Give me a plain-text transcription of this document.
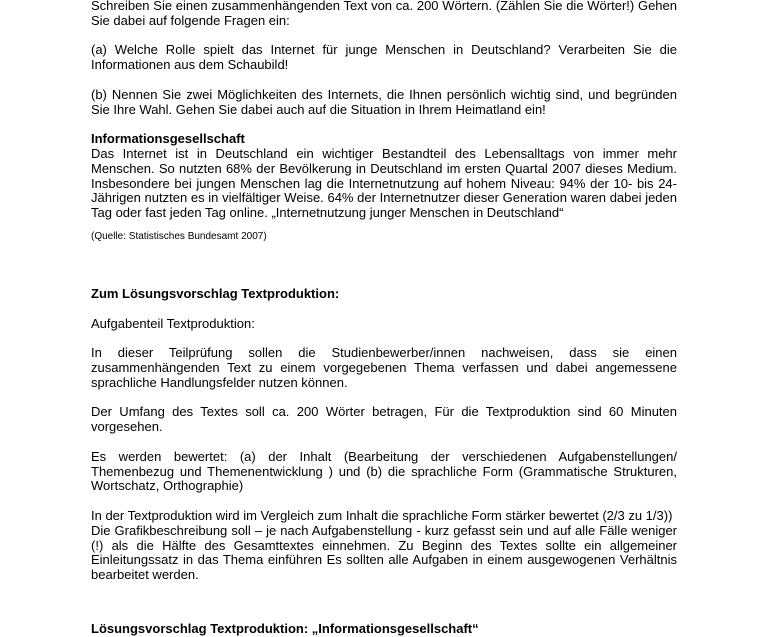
Schreiben Sie einen zusammenhängenden Text von ca. 200 Wörtern. (Zählen Sie die Wörter!) Gehen Sie dabei auf folgende Fragen ein:

(a) Welche Rolle spielt das Internet für junge Menschen in Deutschland? Verarbeiten Sie die Informationen aus dem Schaubild!

(b) Nennen Sie zwei Möglichkeiten des Internets, die Ihnen persönlich wichtig sind, und begründen Sie Ihre Wahl. Gehen Sie dabei auch auf die Situation in Ihrem Heimatland ein!

Informationsgesellschaft

Das Internet ist in Deutschland ein wichtiger Bestandteil des Lebensalltags von immer mehr Menschen. So nutzten 68% der Bevölkerung in Deutschland im ersten Quartal 2007 dieses Medium. Insbesondere bei jungen Menschen lag die Internetnutzung auf hohem Niveau: 94% der 10- bis 24-Jährigen nutzten es in vielfältiger Weise. 64% der Internetnutzer dieser Generation waren dabei jeden Tag oder fast jeden Tag online. „Internetnutzung junger Menschen in Deutschland“

(Quelle: Statistisches Bundesamt 2007)

Zum Lösungsvorschlag Textproduktion:

Aufgabenteil Textproduktion:

In dieser Teilprüfung sollen die Studienbewerber/innen nachweisen, dass sie einen zusammenhängenden Text zu einem vorgegebenen Thema verfassen und dabei angemessene sprachliche Handlungsfelder nutzen können.

Der Umfang des Textes soll ca. 200 Wörter betragen, Für die Textproduktion sind 60 Minuten vorgesehen.

Es werden bewertet: (a) der Inhalt (Bearbeitung der verschiedenen Aufgabenstellungen/ Themenbezug und Themenentwicklung ) und (b) die sprachliche Form (Grammatische Strukturen, Wortschatz, Orthographie)

In der Textproduktion wird im Vergleich zum Inhalt die sprachliche Form stärker bewertet (2/3 zu 1/3))

Die Grafikbeschreibung soll – je nach Aufgabenstellung - kurz gefasst sein und auf alle Fälle weniger (!) als die Hälfte des Gesamttextes einnehmen. Zu Beginn des Textes sollte ein allgemeiner Einleitungssatz in das Thema einführen Es sollten alle Aufgaben in einem ausgewogenen Verhältnis bearbeitet werden.

Lösungsvorschlag Textproduktion: „Informationsgesellschaft“
